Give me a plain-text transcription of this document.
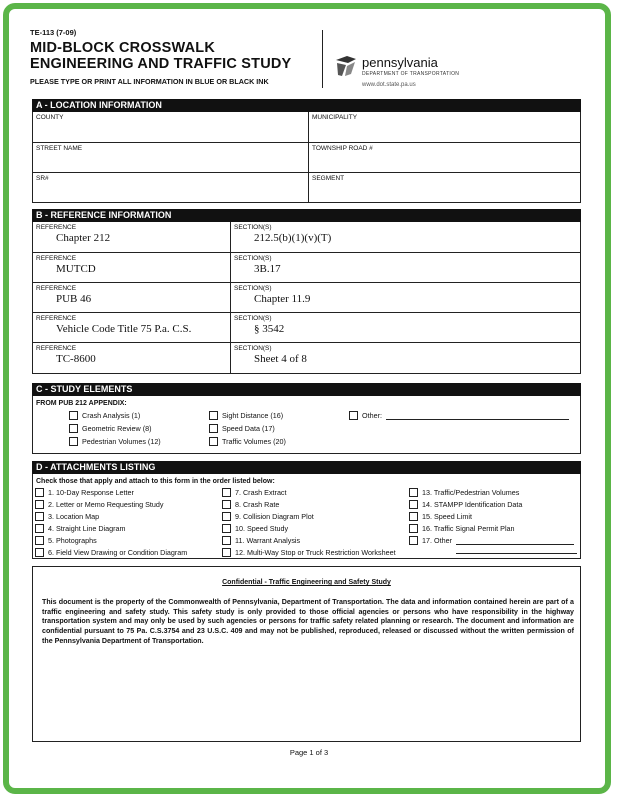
TE-113 (7-09)
MID-BLOCK CROSSWALK
ENGINEERING AND TRAFFIC STUDY
PLEASE TYPE OR PRINT ALL INFORMATION IN BLUE OR BLACK INK
pennsylvania
DEPARTMENT OF TRANSPORTATION
www.dot.state.pa.us
A - LOCATION INFORMATION
COUNTY	MUNICIPALITY
STREET NAME	TOWNSHIP ROAD #
SR#	SEGMENT
B - REFERENCE INFORMATION
REFERENCE
Chapter 212
SECTION(S)
212.5(b)(1)(v)(T)
REFERENCE
MUTCD
SECTION(S)
3B.17
REFERENCE
PUB 46
SECTION(S)
Chapter 11.9
REFERENCE
Vehicle Code Title 75 P.a. C.S.
SECTION(S)
§ 3542
REFERENCE
TC-8600
SECTION(S)
Sheet 4 of 8
C - STUDY ELEMENTS
FROM PUB 212 APPENDIX:
Crash Analysis (1)
Geometric Review (8)
Pedestrian Volumes (12)
Sight Distance (16)
Speed Data (17)
Traffic Volumes (20)
Other:
D - ATTACHMENTS LISTING
Check those that apply and attach to this form in the order listed below:
1. 10-Day Response Letter
2. Letter or Memo Requesting Study
3. Location Map
4. Straight Line Diagram
5. Photographs
6. Field View Drawing or Condition Diagram
7. Crash Extract
8. Crash Rate
9. Collision Diagram Plot
10. Speed Study
11. Warrant Analysis
12. Multi-Way Stop or Truck Restriction Worksheet
13. Traffic/Pedestrian Volumes
14. STAMPP Identification Data
15. Speed Limit
16. Traffic Signal Permit Plan
17. Other
Confidential - Traffic Engineering and Safety Study
This document is the property of the Commonwealth of Pennsylvania, Department of Transportation. The data and information contained herein are part of a traffic engineering and safety study. This safety study is only provided to those official agencies or persons who have responsibility in the highway transportation system and may only be used by such agencies or persons for traffic safety related planning or research. The document and information are confidential pursuant to 75 Pa. C.S.3754 and 23 U.S.C. 409 and may not be published, reproduced, released or discussed without the written permission of the Pennsylvania Department of Transportation.
Page 1 of 3
